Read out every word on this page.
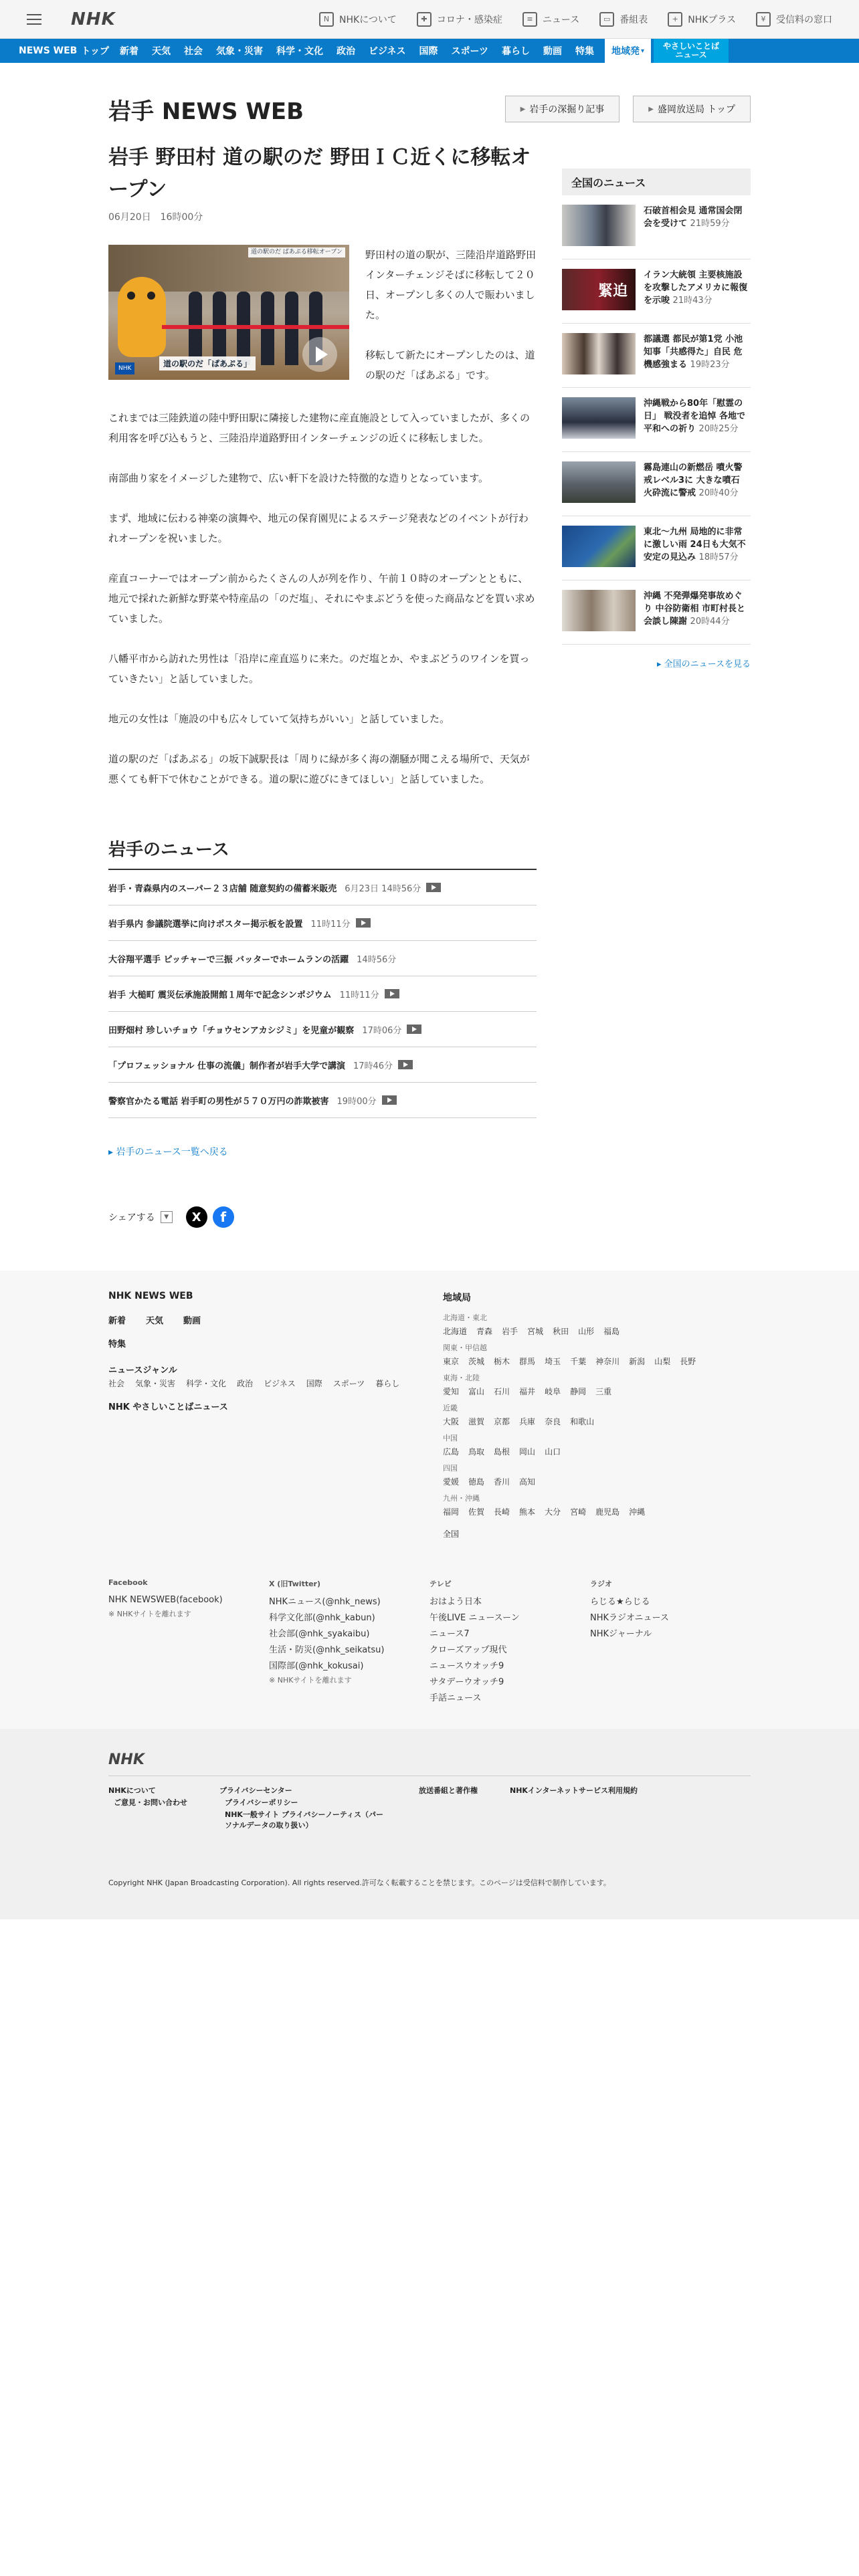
NHK	N	NHKについて	✚	コロナ・感染症	≡	ニュース	▭ 番組表	+	NHKプラス	¥	受信料の窓口
NEWS WEB トップ	新着	天気	社会	気象・災害	科学・文化	政治	ビジネス	国際	スポーツ	暮らし	動画	特集	地域発 ▾ やさしいことば
ニュース
岩手 NEWS WEB	▶ 岩手の深掘り記事	▶ 盛岡放送局 トップ
岩手 野田村 道の駅のだ 野田ＩＣ近くに移転オープン
06月20日　16時00分
道の駅のだ ぱあぷる移転オープン
NHK	道の駅のだ「ぱあぷる」

野田村の道の駅が、三陸沿岸道路野田インターチェンジそばに移転して２０日、オープンし多くの人で賑わいました。

移転して新たにオープンしたのは、道の駅のだ「ぱあぷる」です。

これまでは三陸鉄道の陸中野田駅に隣接した建物に産直施設として入っていましたが、多くの利用客を呼び込もうと、三陸沿岸道路野田インターチェンジの近くに移転しました。

南部曲り家をイメージした建物で、広い軒下を設けた特徴的な造りとなっています。

まず、地域に伝わる神楽の演舞や、地元の保育園児によるステージ発表などのイベントが行われオープンを祝いました。

産直コーナーではオープン前からたくさんの人が列を作り、午前１０時のオープンとともに、地元で採れた新鮮な野菜や特産品の「のだ塩」、それにやまぶどうを使った商品などを買い求めていました。

八幡平市から訪れた男性は「沿岸に産直巡りに来た。のだ塩とか、やまぶどうのワインを買っていきたい」と話していました。

地元の女性は「施設の中も広々していて気持ちがいい」と話していました。

道の駅のだ「ぱあぷる」の坂下誠駅長は「周りに緑が多く海の潮騒が聞こえる場所で、天気が悪くても軒下で休むことができる。道の駅に遊びにきてほしい」と話していました。

岩手のニュース
岩手・青森県内のスーパー２３店舗 随意契約の備蓄米販売 6月23日 14時56分
岩手県内 参議院選挙に向けポスター掲示板を設置 11時11分
大谷翔平選手 ピッチャーで三振 バッターでホームランの活躍 14時56分
岩手 大槌町 震災伝承施設開館１周年で記念シンポジウム 11時11分
田野畑村 珍しいチョウ「チョウセンアカシジミ」を児童が観察 17時06分
「プロフェッショナル 仕事の流儀」制作者が岩手大学で講演 17時46分
警察官かたる電話 岩手町の男性が５７０万円の詐欺被害 19時00分
▸ 岩手のニュース一覧へ戻る
シェアする	▼	X	f
全国のニュース
石破首相会見 通常国会閉会を受けて 21時59分
緊迫
イラン大統領 主要核施設を攻撃したアメリカに報復を示唆 21時43分
都議選 都民が第1党 小池知事「共感得た」自民 危機感強まる 19時23分
沖縄戦から80年「慰霊の日」 戦没者を追悼 各地で平和への祈り 20時25分
霧島連山の新燃岳 噴火警戒レベル3に 大きな噴石 火砕流に警戒 20時40分
東北～九州 局地的に非常に激しい雨 24日も大気不安定の見込み 18時57分
沖縄 不発弾爆発事故めぐり 中谷防衛相 市町村長と会談し陳謝 20時44分
▸ 全国のニュースを見る
NHK NEWS WEB
新着 天気 動画
特集
ニュースジャンル
社会 気象・災害 科学・文化 政治 ビジネス 国際 スポーツ 暮らし
NHK やさしいことばニュース
地域局
北海道・東北
北海道 青森 岩手 宮城 秋田 山形 福島
関東・甲信越
東京 茨城 栃木 群馬 埼玉 千葉 神奈川 新潟 山梨 長野
東海・北陸
愛知 富山 石川 福井 岐阜 静岡 三重
近畿
大阪 滋賀 京都 兵庫 奈良 和歌山
中国
広島 鳥取 島根 岡山 山口
四国
愛媛 徳島 香川 高知
九州・沖縄
福岡 佐賀 長崎 熊本 大分 宮崎 鹿児島 沖縄
全国
Facebook
NHK NEWSWEB(facebook)
※ NHKサイトを離れます
X (旧Twitter)
NHKニュース(@nhk_news)
科学文化部(@nhk_kabun)
社会部(@nhk_syakaibu)
生活・防災(@nhk_seikatsu)
国際部(@nhk_kokusai)
※ NHKサイトを離れます
テレビ
おはよう日本
午後LIVE ニュースーン
ニュース7
クローズアップ現代
ニュースウオッチ9
サタデーウオッチ9
手話ニュース
ラジオ
らじる★らじる
NHKラジオニュース
NHKジャーナル
NHK
NHKについて
ご意見・お問い合わせ
プライバシーセンター
プライバシーポリシー
NHK一般サイト プライバシーノーティス（パーソナルデータの取り扱い）
放送番組と著作権	NHKインターネットサービス利用規約
Copyright NHK (Japan Broadcasting Corporation). All rights reserved.許可なく転載することを禁じます。このページは受信料で制作しています。
